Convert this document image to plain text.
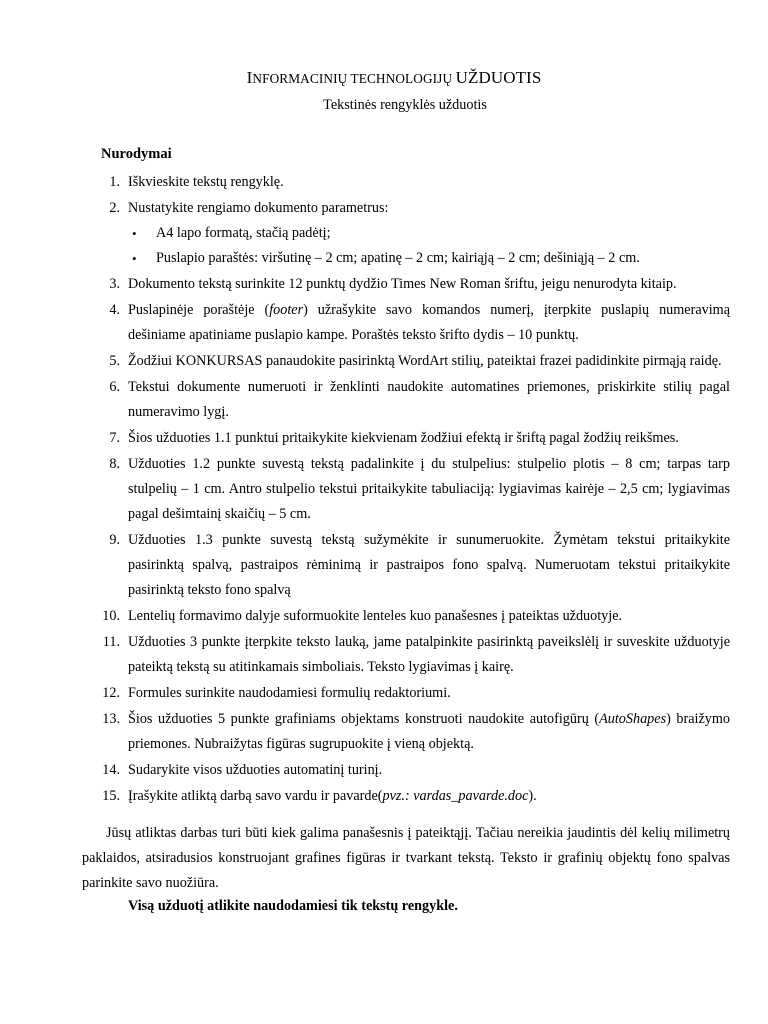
INFORMACINIŲ TECHNOLOGIJŲ UŽDUOTIS
Tekstinės rengyklės užduotis
Nurodymai
1. Iškvieskite tekstų rengyklę.
2. Nustatykite rengiamo dokumento parametrus:
• A4 lapo formatą, stačią padėtį;
• Puslapio paraštės: viršutinę – 2 cm; apatinę – 2 cm; kairiąją – 2 cm; dešiniąją – 2 cm.
3. Dokumento tekstą surinkite 12 punktų dydžio Times New Roman šriftu, jeigu nenurodyta kitaip.
4. Puslapinėje poraštėje (footer) užrašykite savo komandos numerį, įterpkite puslapių numeravimą dešiniame apatiniame puslapio kampe. Poraštės teksto šrifto dydis – 10 punktų.
5. Žodžiui KONKURSAS panaudokite pasirinktą WordArt stilių, pateiktai frazei padidinkite pirmąją raidę.
6. Tekstui dokumente numeruoti ir ženklinti naudokite automatines priemones, priskirkite stilių pagal numeravimo lygį.
7. Šios užduoties 1.1 punktui pritaikykite kiekvienam žodžiui efektą ir šriftą pagal žodžių reikšmes.
8. Užduoties 1.2 punkte suvestą tekstą padalinkite į du stulpelius: stulpelio plotis – 8 cm; tarpas tarp stulpelių – 1 cm. Antro stulpelio tekstui pritaikykite tabuliaciją: lygiavimas kairėje – 2,5 cm; lygiavimas pagal dešimtainį skaičių – 5 cm.
9. Užduoties 1.3 punkte suvestą tekstą sužymėkite ir sunumeruokite. Žymėtam tekstui pritaikykite pasirinktą spalvą, pastraipos rėminimą ir pastraipos fono spalvą. Numeruotam tekstui pritaikykite pasirinktą teksto fono spalvą
10. Lentelių formavimo dalyje suformuokite lenteles kuo panašesnes į pateiktas užduotyje.
11. Užduoties 3 punkte įterpkite teksto lauką, jame patalpinkite pasirinktą paveikslėlį ir suveskite užduotyje pateiktą tekstą su atitinkamais simboliais. Teksto lygiavimas į kairę.
12. Formules surinkite naudodamiesi formulių redaktoriumi.
13. Šios užduoties 5 punkte grafiniams objektams konstruoti naudokite autofigūrų (AutoShapes) braižymo priemones. Nubraižytas figūras sugrupuokite į vieną objektą.
14. Sudarykite visos užduoties automatinį turinį.
15. Įrašykite atliktą darbą savo vardu ir pavarde(pvz.: vardas_pavarde.doc).

Jūsų atliktas darbas turi būti kiek galima panašesnis į pateiktąjį. Tačiau nereikia jaudintis dėl kelių milimetrų paklaidos, atsiradusios konstruojant grafines figūras ir tvarkant tekstą. Teksto ir grafinių objektų fono spalvas parinkite savo nuožiūra.

Visą užduotį atlikite naudodamiesi tik tekstų rengykle.
